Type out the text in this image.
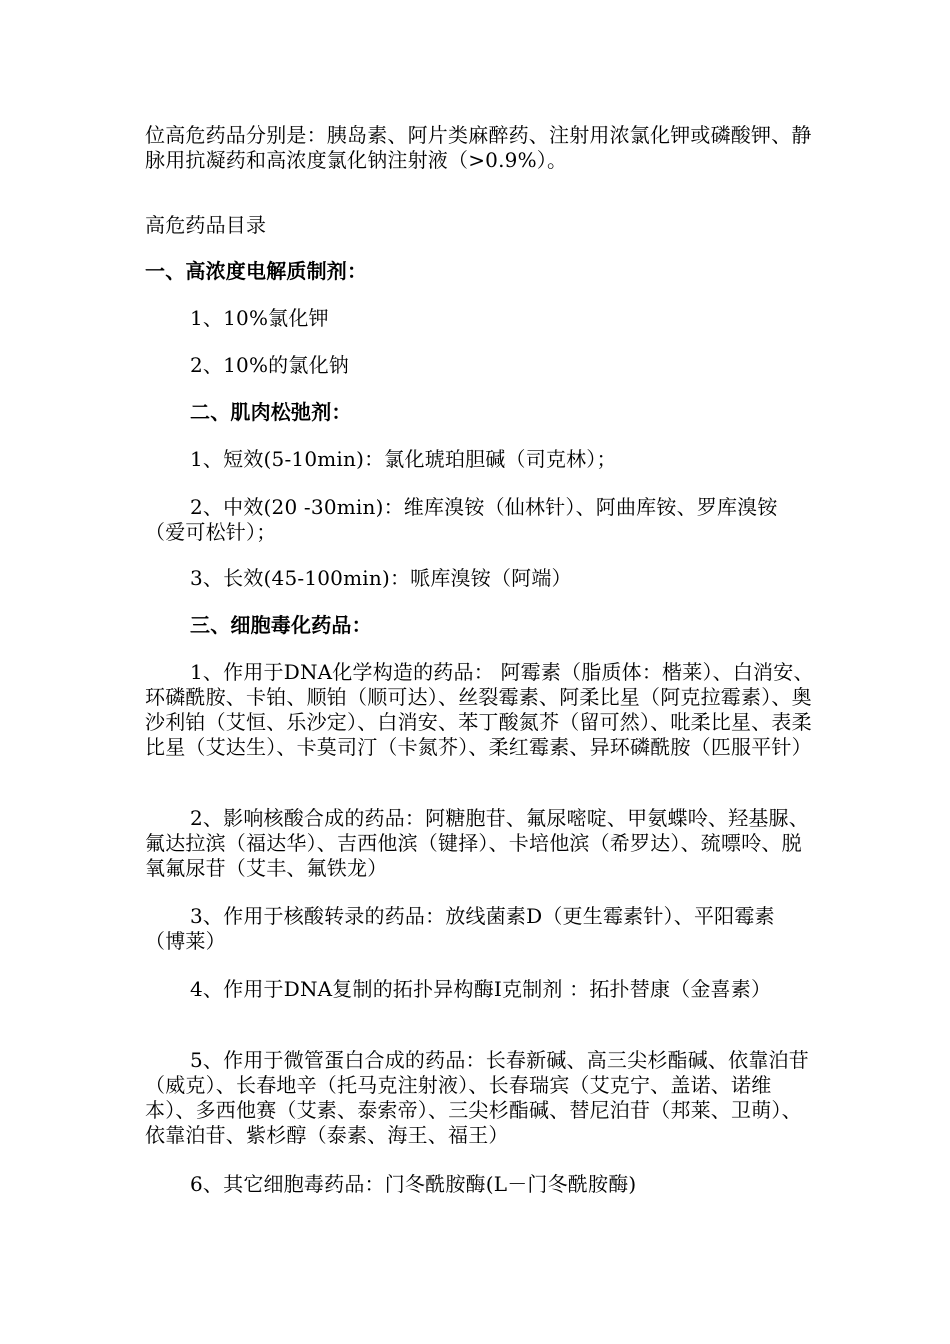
位高危药品分别是：胰岛素、阿片类麻醉药、注射用浓氯化钾或磷酸钾、静脉用抗凝药和高浓度氯化钠注射液（>0.9%）。

高危药品目录

一、高浓度电解质制剂：

1、10%氯化钾

2、10%的氯化钠

二、肌肉松弛剂：

1、短效(5-10min)：氯化琥珀胆碱（司克林）；

2、中效(20 -30min)：维库溴铵（仙林针）、阿曲库铵、罗库溴铵（爱可松针）；

3、长效(45-100min)：哌库溴铵（阿端）

三、细胞毒化药品：

1、作用于DNA化学构造的药品： 阿霉素（脂质体：楷莱）、白消安、环磷酰胺、卡铂、顺铂（顺可达）、丝裂霉素、阿柔比星（阿克拉霉素）、奥沙利铂（艾恒、乐沙定）、白消安、苯丁酸氮芥（留可然）、吡柔比星、表柔比星（艾达生）、卡莫司汀（卡氮芥）、柔红霉素、异环磷酰胺（匹服平针）

2、影响核酸合成的药品：阿糖胞苷、氟尿嘧啶、甲氨蝶呤、羟基脲、氟达拉滨（福达华）、吉西他滨（键择）、卡培他滨（希罗达）、巯嘌呤、脱氧氟尿苷（艾丰、氟铁龙）

3、作用于核酸转录的药品：放线菌素D（更生霉素针）、平阳霉素（博莱）

4、作用于DNA复制的拓扑异构酶I克制剂 ：拓扑替康（金喜素）

5、作用于微管蛋白合成的药品：长春新碱、高三尖杉酯碱、依靠泊苷（威克）、长春地辛（托马克注射液）、长春瑞宾（艾克宁、盖诺、诺维本）、多西他赛（艾素、泰索帝）、三尖杉酯碱、替尼泊苷（邦莱、卫萌）、依靠泊苷、紫杉醇（泰素、海王、福王）

6、其它细胞毒药品：门冬酰胺酶(L－门冬酰胺酶)
